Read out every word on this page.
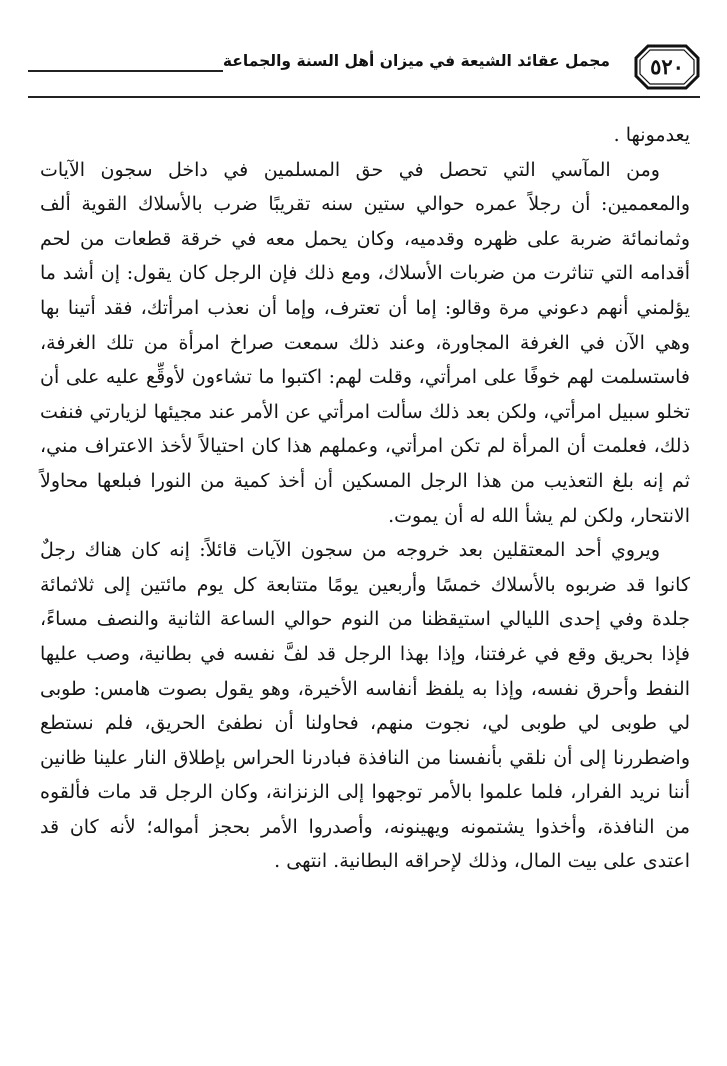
٥٢٠
مجمل عقائد الشيعة في ميزان أهل السنة والجماعة

يعدمونها .

ومن المآسي التي تحصل في حق المسلمين في داخل سجون الآيات والمعممين: أن رجلاً عمره حوالي ستين سنه تقريبًا ضرب بالأسلاك القوية ألف وثمانمائة ضربة على ظهره وقدميه، وكان يحمل معه في خرقة قطعات من لحم أقدامه التي تناثرت من ضربات الأسلاك، ومع ذلك فإن الرجل كان يقول: إن أشد ما يؤلمني أنهم دعوني مرة وقالو: إما أن تعترف، وإما أن نعذب امرأتك، فقد أتينا بها وهي الآن في الغرفة المجاورة، وعند ذلك سمعت صراخ امرأة من تلك الغرفة، فاستسلمت لهم خوفًا على امرأتي، وقلت لهم: اكتبوا ما تشاءون لأوقِّع عليه على أن تخلو سبيل امرأتي، ولكن بعد ذلك سألت امرأتي عن الأمر عند مجيئها لزيارتي فنفت ذلك، فعلمت أن المرأة لم تكن امرأتي، وعملهم هذا كان احتيالاً لأخذ الاعتراف مني، ثم إنه بلغ التعذيب من هذا الرجل المسكين أن أخذ كمية من النورا فبلعها محاولاً الانتحار، ولكن لم يشأ الله له أن يموت.

ويروي أحد المعتقلين بعد خروجه من سجون الآيات قائلاً: إنه كان هناك رجلٌ كانوا قد ضربوه بالأسلاك خمسًا وأربعين يومًا متتابعة كل يوم مائتين إلى ثلاثمائة جلدة وفي إحدى الليالي استيقظنا من النوم حوالي الساعة الثانية والنصف مساءً، فإذا بحريق وقع في غرفتنا، وإذا بهذا الرجل قد لفَّ نفسه في بطانية، وصب عليها النفط وأحرق نفسه، وإذا به يلفظ أنفاسه الأخيرة، وهو يقول بصوت هامس: طوبى لي طوبى لي طوبى لي، نجوت منهم، فحاولنا أن نطفئ الحريق، فلم نستطع واضطررنا إلى أن نلقي بأنفسنا من النافذة فبادرنا الحراس بإطلاق النار علينا ظانين أننا نريد الفرار، فلما علموا بالأمر توجهوا إلى الزنزانة، وكان الرجل قد مات فألقوه من النافذة، وأخذوا يشتمونه ويهينونه، وأصدروا الأمر بحجز أمواله؛ لأنه كان قد اعتدى على بيت المال، وذلك لإحراقه البطانية. انتهى .
